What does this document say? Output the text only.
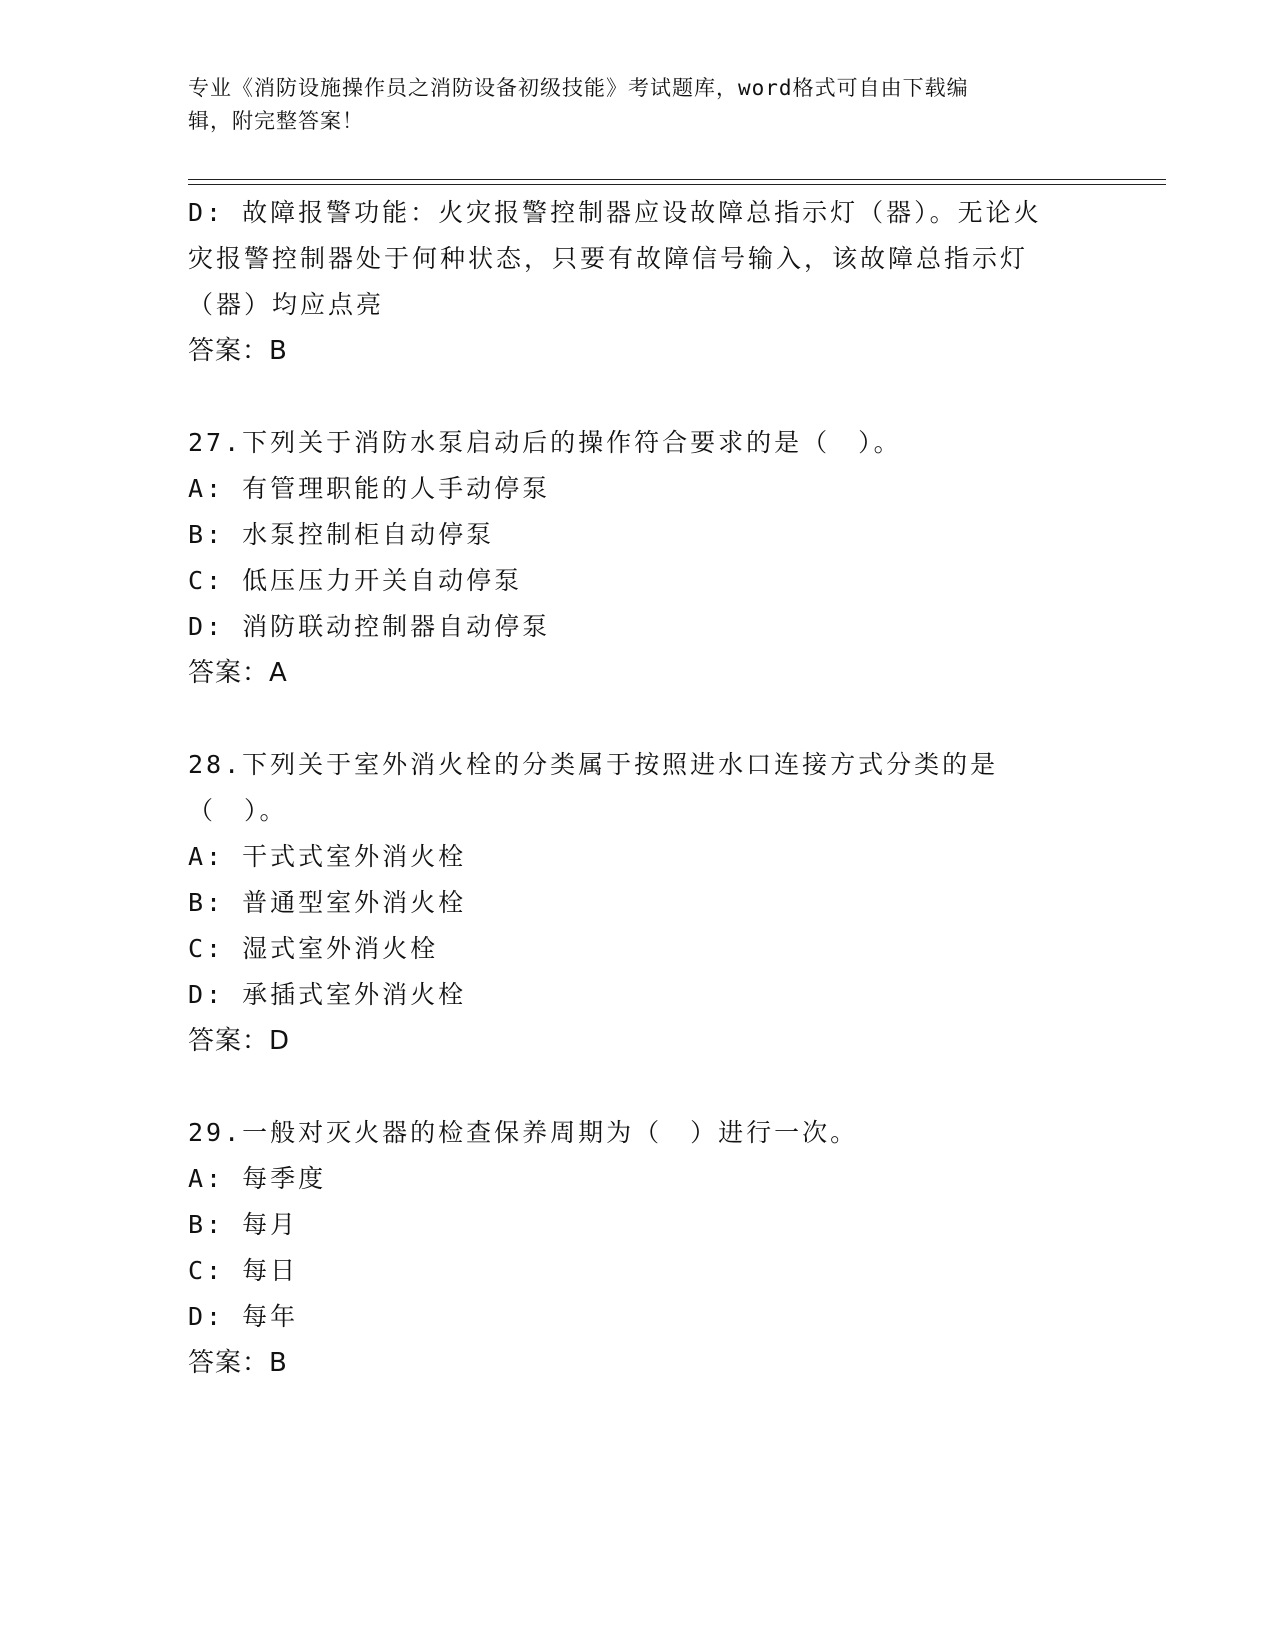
专业《消防设施操作员之消防设备初级技能》考试题库，word格式可自由下载编
辑，附完整答案！
D: 故障报警功能：火灾报警控制器应设故障总指示灯（器）。无论火灾报警控制器处于何种状态，只要有故障信号输入，该故障总指示灯（器）均应点亮
答案：B
27.下列关于消防水泵启动后的操作符合要求的是（　）。
A: 有管理职能的人手动停泵
B: 水泵控制柜自动停泵
C: 低压压力开关自动停泵
D: 消防联动控制器自动停泵
答案：A
28.下列关于室外消火栓的分类属于按照进水口连接方式分类的是（　）。
A: 干式式室外消火栓
B: 普通型室外消火栓
C: 湿式室外消火栓
D: 承插式室外消火栓
答案：D
29.一般对灭火器的检查保养周期为（　）进行一次。
A: 每季度
B: 每月
C: 每日
D: 每年
答案：B
